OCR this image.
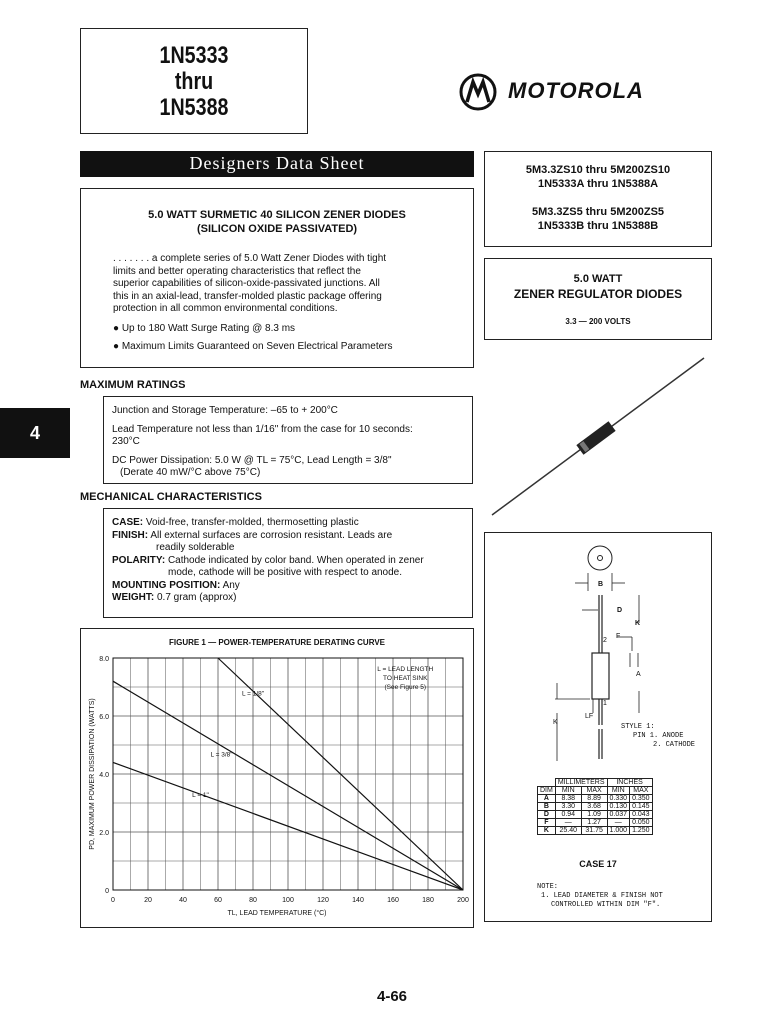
1N5333
thru
1N5388
MOTOROLA
Designers Data Sheet	5M3.3ZS10 thru 5M200ZS10
1N5333A thru 1N5388A
5M3.3ZS5 thru 5M200ZS5
1N5333B thru 1N5388B
5.0 WATT
ZENER REGULATOR DIODES
3.3 — 200 VOLTS
5.0 WATT SURMETIC 40 SILICON ZENER DIODES
(SILICON OXIDE PASSIVATED)
. . . . . . . a complete series of 5.0 Watt Zener Diodes with tight
limits and better operating characteristics that reflect the
superior capabilities of silicon-oxide-passivated junctions. All
this in an axial-lead, transfer-molded plastic package offering
protection in all common environmental conditions.
● Up to 180 Watt Surge Rating @ 8.3 ms
● Maximum Limits Guaranteed on Seven Electrical Parameters
4
MAXIMUM RATINGS
Junction and Storage Temperature: –65 to + 200°C
Lead Temperature not less than 1/16" from the case for 10 seconds:
230°C
DC Power Dissipation: 5.0 W @ TL = 75°C, Lead Length = 3/8"
(Derate 40 mW/°C above 75°C)
MECHANICAL CHARACTERISTICS
CASE: Void-free, transfer-molded, thermosetting plastic
FINISH: All external surfaces are corrosion resistant. Leads are
readily solderable
POLARITY: Cathode indicated by color band. When operated in zener
mode, cathode will be positive with respect to anode.
MOUNTING POSITION: Any
WEIGHT: 0.7 gram (approx)
B
D
K
2
F
A
1
LF
K
STYLE 1:
PIN 1. ANODE
2. CATHODE
	MILLIMETERS		INCHES	
DIM	MIN	MAX	MIN	MAX
A	8.38	8.89	0.330	0.350
B	3.30	3.68	0.130	0.145
D	0.94	1.09	0.037	0.043
F	—	1.27	—	0.050
K	25.40	31.75	1.000	1.250
CASE 17
NOTE:
1. LEAD DIAMETER & FINISH NOT
CONTROLLED WITHIN DIM "F".
FIGURE 1 — POWER-TEMPERATURE DERATING CURVE
0	20	40	60	80	100	120	140	160	180	200
0
2.0
4.0
6.0
8.0
TL, LEAD TEMPERATURE (°C)
PD, MAXIMUM POWER DISSIPATION (WATTS)
L = 1/8"
L = 3/8"
L = 1"
L = LEAD LENGTH
TO HEAT SINK
(See Figure 5)
4-66
